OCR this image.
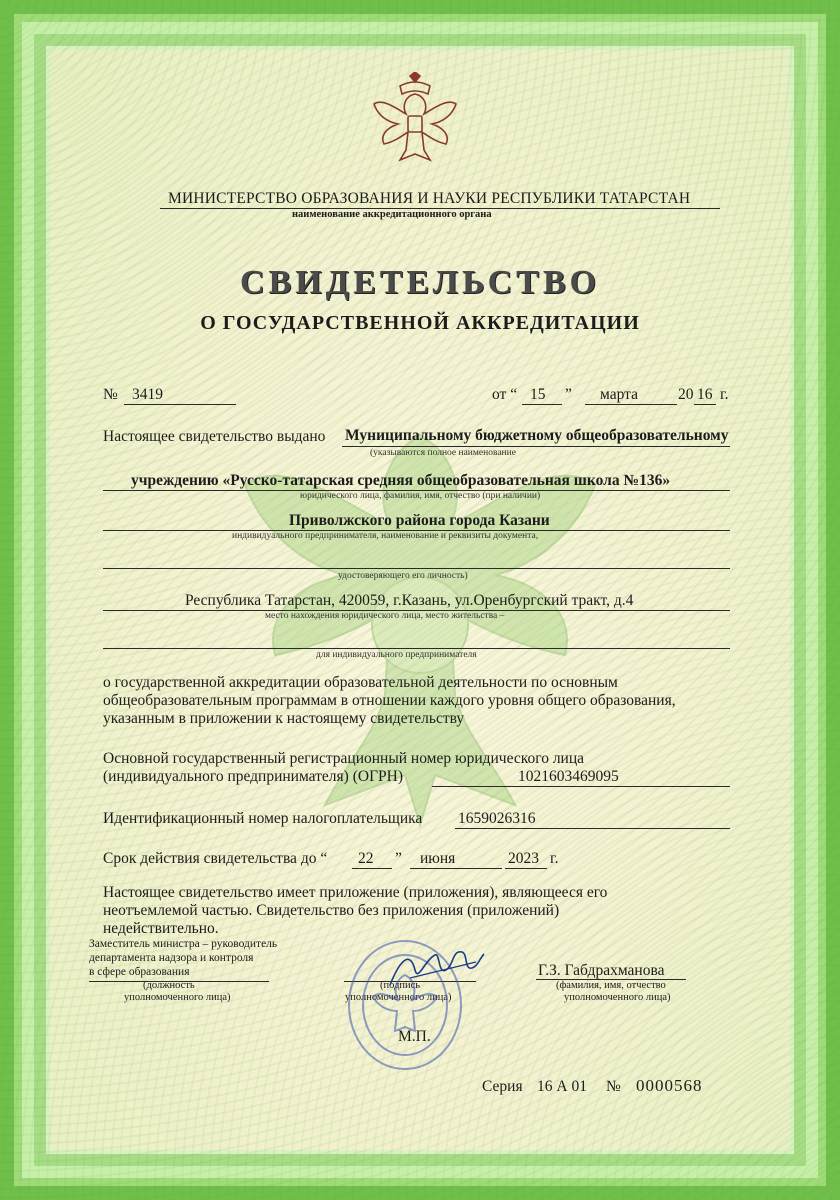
МИНИСТЕРСТВО ОБРАЗОВАНИЯ И НАУКИ РЕСПУБЛИКИ ТАТАРСТАН
наименование аккредитационного органа
СВИДЕТЕЛЬСТВО
О ГОСУДАРСТВЕННОЙ АККРЕДИТАЦИИ
№ 3419	от “ 15 ” марта	20 16 г.
Настоящее свидетельство выдано Муниципальному бюджетному общеобразовательному
(указываются полное наименование
учреждению «Русско-татарская средняя общеобразовательная школа №136»
юридического лица, фамилия, имя, отчество (при наличии)
Приволжского района города Казани
индивидуального предпринимателя, наименование и реквизиты документа,
удостоверяющего его личность)
Республика Татарстан, 420059, г.Казань, ул.Оренбургский тракт, д.4
место нахождения юридического лица, место жительства –
для индивидуального предпринимателя
о государственной аккредитации образовательной деятельности по основным
общеобразовательным программам в отношении каждого уровня общего образования,
указанным в приложении к настоящему свидетельству
Основной государственный регистрационный номер юридического лица
(индивидуального предпринимателя) (ОГРН)	1021603469095
Идентификационный номер налогоплательщика 1659026316
Срок действия свидетельства до “ 22 ” июня	2023 г.
Настоящее свидетельство имеет приложение (приложения), являющееся его
неотъемлемой частью. Свидетельство без приложения (приложений)
недействительно.
Заместитель министра – руководитель
департамента надзора и контроля
в сфере образования
(должность
уполномоченного лица)
(подпись
уполномоченного лица)
Г.З. Габдрахманова
(фамилия, имя, отчество
уполномоченного лица)
М.П.
Серия 16 А 01 № 0000568
